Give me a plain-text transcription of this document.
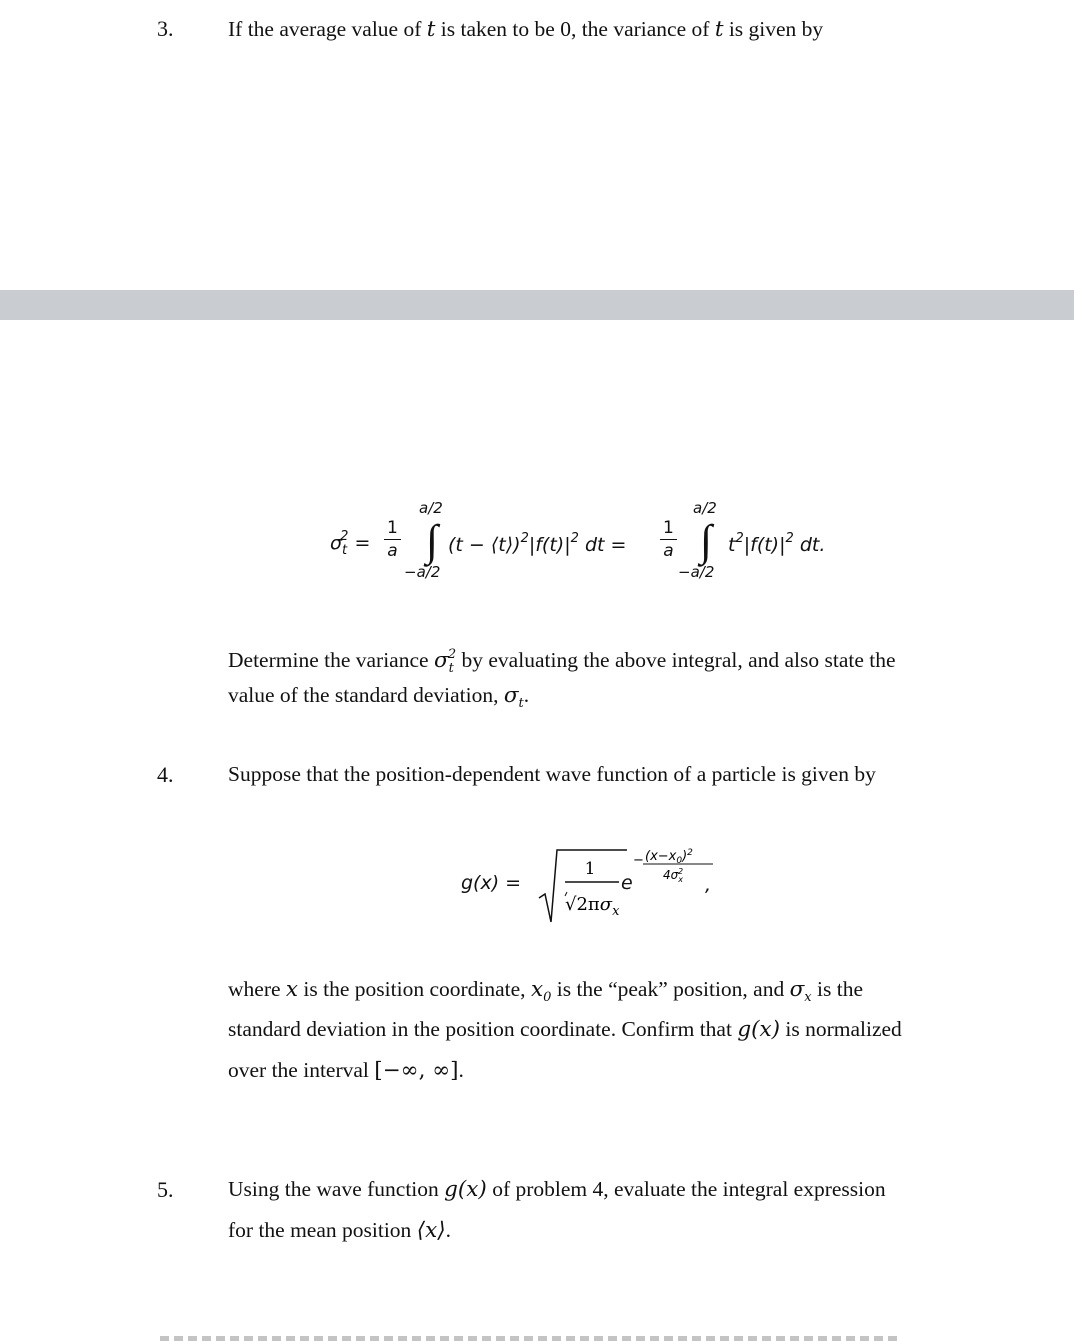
3.	If the average value of t is taken to be 0, the variance of t is given by
$\sigma_t^2 = \frac{1}{a}$
a/2
∫
−a/2
$(t - ⟨t⟩)^2|f(t)|^2$ dt = $\frac{1}{a}$
a/2
∫
−a/2
$t^2|f(t)|^2$ dt.
Determine the variance $\sigma_t^2$ by evaluating the above integral, and also state the
value of the standard deviation, $\sigma_t$.
4.	Suppose that the position-dependent wave function of a particle is given by
g(x) =
1
$√2\pi\sigma_x$
e
− $(x-x_0)^2$
$4\sigma_x2$
,
where x is the position coordinate, $x_0$ is the “peak” position, and $\sigma_x$ is the
standard deviation in the position coordinate. Confirm that g(x) is normalized
over the interval [−∞, ∞].
5.	Using the wave function g(x) of problem 4, evaluate the integral expression
for the mean position ⟨x⟩.
